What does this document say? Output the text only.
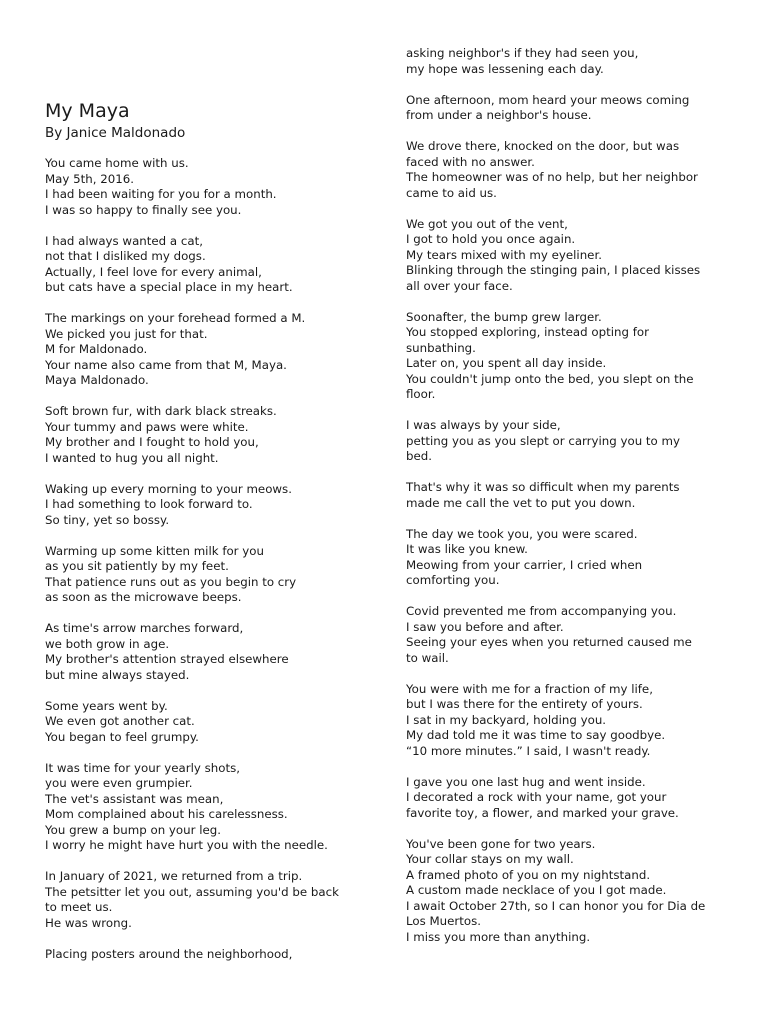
My Maya
By Janice Maldonado
You came home with us.
May 5th, 2016.
I had been waiting for you for a month.
I was so happy to finally see you.
I had always wanted a cat,
not that I disliked my dogs.
Actually, I feel love for every animal,
but cats have a special place in my heart.
The markings on your forehead formed a M.
We picked you just for that.
M for Maldonado.
Your name also came from that M, Maya.
Maya Maldonado.
Soft brown fur, with dark black streaks.
Your tummy and paws were white.
My brother and I fought to hold you,
I wanted to hug you all night.
Waking up every morning to your meows.
I had something to look forward to.
So tiny, yet so bossy.
Warming up some kitten milk for you
as you sit patiently by my feet.
That patience runs out as you begin to cry
as soon as the microwave beeps.
As time's arrow marches forward,
we both grow in age.
My brother's attention strayed elsewhere
but mine always stayed.
Some years went by.
We even got another cat.
You began to feel grumpy.
It was time for your yearly shots,
you were even grumpier.
The vet's assistant was mean,
Mom complained about his carelessness.
You grew a bump on your leg.
I worry he might have hurt you with the needle.
In January of 2021, we returned from a trip.
The petsitter let you out, assuming you'd be back
to meet us.
He was wrong.
Placing posters around the neighborhood,
asking neighbor's if they had seen you,
my hope was lessening each day.
One afternoon, mom heard your meows coming
from under a neighbor's house.
We drove there, knocked on the door, but was
faced with no answer.
The homeowner was of no help, but her neighbor
came to aid us.
We got you out of the vent,
I got to hold you once again.
My tears mixed with my eyeliner.
Blinking through the stinging pain, I placed kisses
all over your face.
Soonafter, the bump grew larger.
You stopped exploring, instead opting for
sunbathing.
Later on, you spent all day inside.
You couldn't jump onto the bed, you slept on the
floor.
I was always by your side,
petting you as you slept or carrying you to my
bed.
That's why it was so difficult when my parents
made me call the vet to put you down.
The day we took you, you were scared.
It was like you knew.
Meowing from your carrier, I cried when
comforting you.
Covid prevented me from accompanying you.
I saw you before and after.
Seeing your eyes when you returned caused me
to wail.
You were with me for a fraction of my life,
but I was there for the entirety of yours.
I sat in my backyard, holding you.
My dad told me it was time to say goodbye.
“10 more minutes.” I said, I wasn't ready.
I gave you one last hug and went inside.
I decorated a rock with your name, got your
favorite toy, a flower, and marked your grave.
You've been gone for two years.
Your collar stays on my wall.
A framed photo of you on my nightstand.
A custom made necklace of you I got made.
I await October 27th, so I can honor you for Dia de
Los Muertos.
I miss you more than anything.
